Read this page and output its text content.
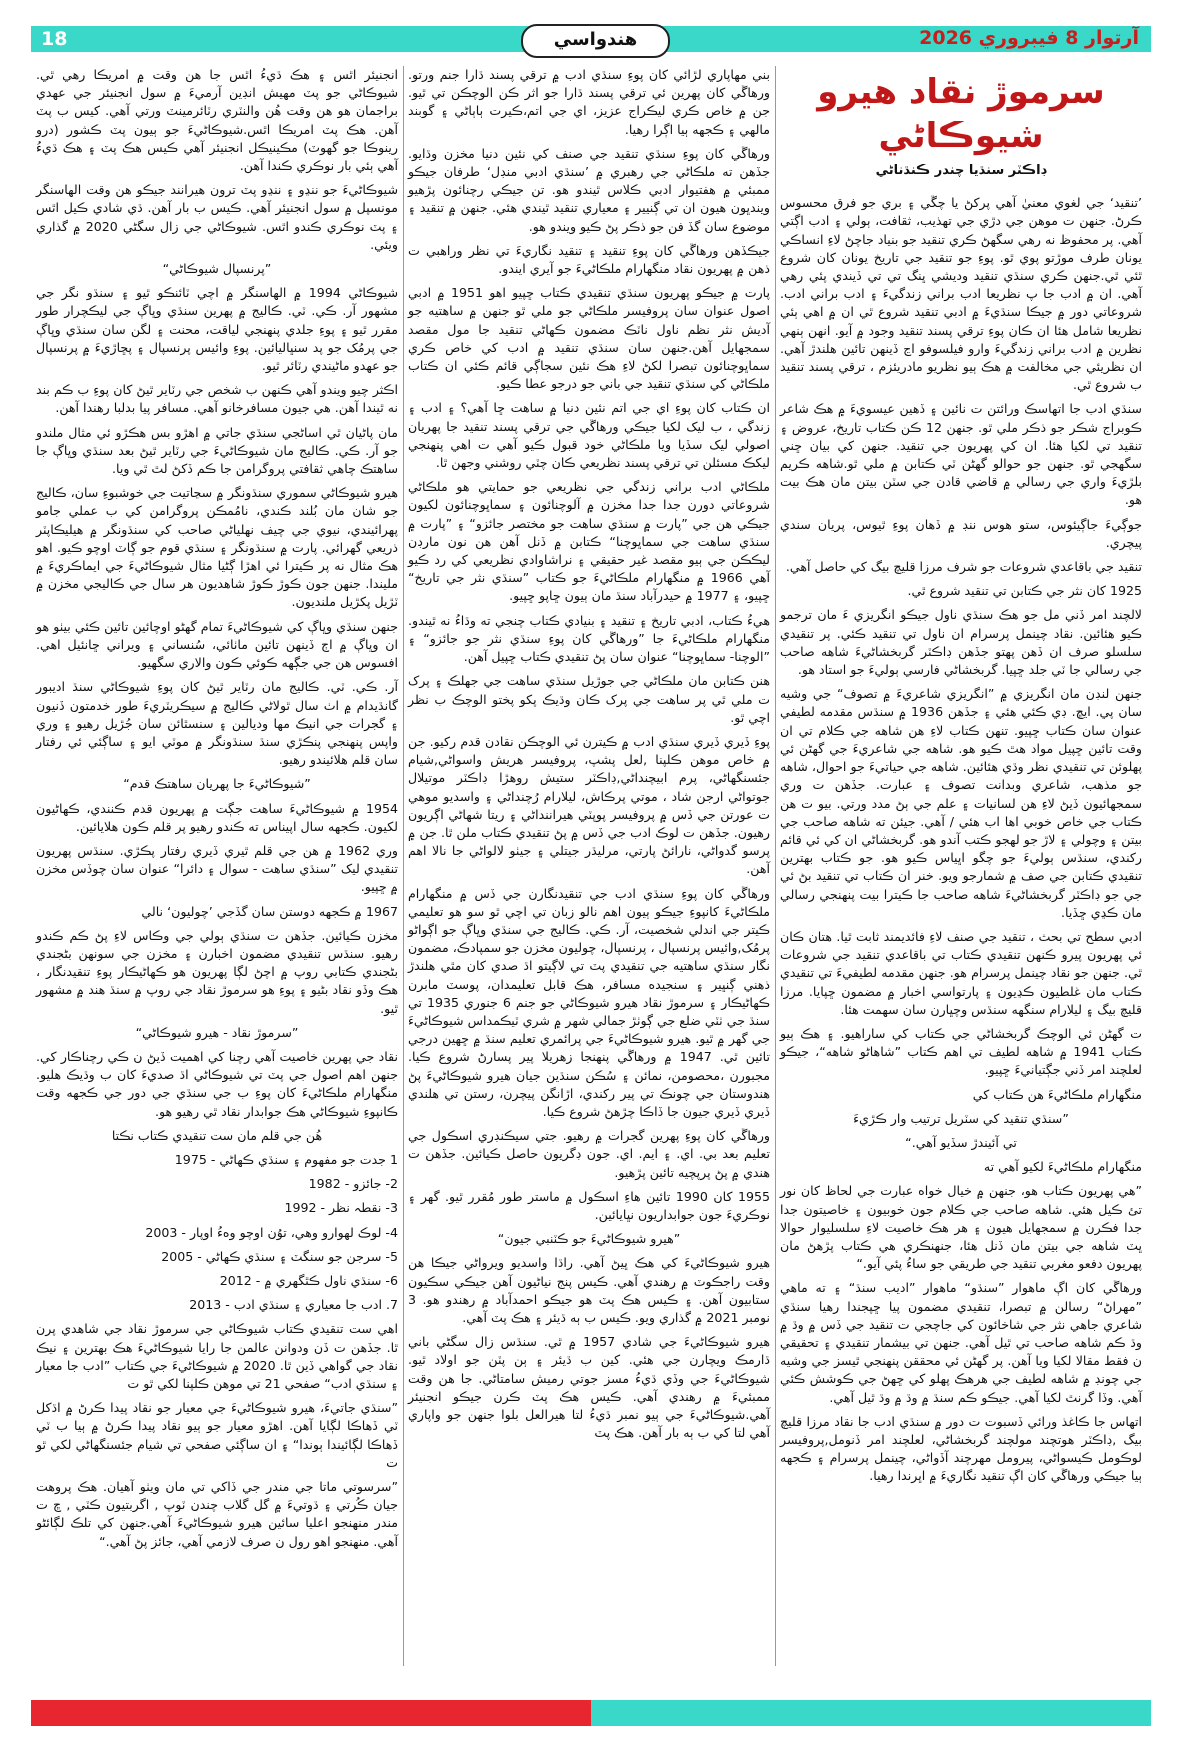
18	هندواسي	آرتوار 8 فيبروري 2026
سرموڙ نقاد هيرو شيوڪاڻي
ڊاڪٽر سنڌيا چندر ڪنڌناڻي

’تنقيد‘ جي لغوي معنيٰ آهي پرکڻ يا چڱي ۽ بري جو فرق محسوس ڪرڻ. جنهن ت موهن جي دڙي جي تهذيب، ثقافت، ٻولي ۽ ادب اڳتي آهي. پر محفوظ نه رهي سگهڻ ڪري تنقيد جو بنياد جاچڻ لاءِ انساڪي يونان طرف موڙتو پوي ٿو. پوءِ جو تنقيد جي تاريخ يونان کان شروع ٿئي ٿي.جنهن ڪري سنڌي تنقيد وديشي ڀنگ تي تي ڏيندي پئي رهي آهي. ان ۾ ادب جا پ نظريعا ادب براني زندگيءَ ۽ ادب براني ادب. شروعاتي دور ۾ جيڪا سنڌيءَ ۾ ادبي تنقيد شروع ٿي ان ۾ اهي ٻئي نظريعا شامل هئا ان ڪان پوءِ ترقي پسند تنقيد وجود ۾ آيو. انهن ٻنهي نظرين ۾ ادب براني زندگيءَ وارو فيلسوفو اڃ ڏينهن تائين هلندڙ آهي. ان نظريئي جي مخالفت ۾ هڪ ٻيو نظريو مادريئزم ، ترقي پسند تنقيد ب شروع ٿي.

سنڌي ادب جا اتهاسڪ ورائتن ت نائين ۽ ڏهين عيسويءَ ۾ هڪ شاعر ڪوبراج شڪر جو ذڪر ملي ٿو. جنهن 12 ڪن ڪتاب تاريخ، عروض ۽ تنقيد تي لکيا هئا. ان کي پهريون جي تنقيد. جنهن کي بيان ڇني سگهجي ٿو. جنهن جو حوالو گهڻن ٽي ڪتابن ۾ ملي ٿو.شاهه ڪريم بلڙيءَ واري جي رسالي ۾ قاضي قادن جي سٽن بيتن مان هڪ بيت هو.

جوڳيءَ جاڳيئوس، ستو هوس ننڊ ۾ ڏهان پوءِ ٿيوس، پريان سندي پيچري.

تنقيد جي باقاعدي شروعات جو شرف مرزا قليچ بيگ کي حاصل آهي.

1925 کان نثر جي ڪتابن تي تنقيد شروع ٿي.

لالچند امر ڏني مل جو هڪ سنڌي ناول جيڪو انگريزي ءَ مان ترجمو ڪيو هئائين. نقاد چينمل پرسرام ان ناول تي تنقيد ڪئي. پر تنقيدي سلسلو صرف ان ڏهن پهتو جڏهن ڊاڪٽر گربخشاڻيءَ شاهه صاحب جي رسالي جا ٽي جلد ڇپيا. گربخشاڻي فارسي ٻوليءَ جو استاد هو.

جنهن لنڊن مان انگريزي ۾ ”انگريزي شاعريءَ ۾ تصوف“ جي وشيه سان پي. ايڇ. ڊي ڪئي هئي ۽ جڏهن 1936 ۾ سنڌس مقدمه لطيفي عنوان سان ڪتاب ڇپيو. تنهن ڪتاب لاءِ هن شاهه جي ڪلام تي ان وقت تائين ڇپيل مواد هٿ ڪيو هو. شاهه جي شاعريءَ جي گهڻن ئي پهلوئن تي تنقيدي نظر وڌي هئائين. شاهه جي حياتيءَ جو احوال، شاهه جو مذهب، شاعري وبدانت تصوف ۽ عبارت. جڏهن ت وري سمجهائيون ڏيڻ لاءِ هن لسانيات ۽ علم جي ٻڻ مدد ورتي. بيو ت هن ڪتاب جي خاص خوبي اها اب هئي / آهي. جيئن ته شاهه صاحب جي بيتن ۽ وچولي ۽ لاڙ جو لهجو ڪتب آندو هو. گربخشاڻي ان کي ئي قائم رکندي، سنڌس ٻوليءَ جو چگو اڀياس ڪيو هو. جو ڪتاب بهترين تنقيدي ڪتابن جي صف ۾ شمارجو ويو. خنر ان ڪتاب تي تنقيد بڻ ئي جي جو ڊاڪٽر گربخشاڻيءَ شاهه صاحب جا ڪيترا بيت پنهنجي رسالي مان ڪڍي ڇڏيا.

ادبي سطح تي بحث ، تنقيد جي صنف لاءِ فائديمند ثابت ٿيا. هتان ڪان ئي پهريون پيرو ڪنهن تنقيدي ڪتاب تي باقاعدي تنقيد جي شروعات ٿي. جنهن جو نقاد چينمل پرسرام هو. جنهن مقدمه لطيفيءَ تي تنقيدي ڪتاب مان غلطيون ڪڍيون ۽ پارتواسي اخبار ۾ مضمون ڇپايا. مرزا قليچ بيگ ۽ ليلارام سنگهه سنڌس وچڀارن سان سهمت هئا.

ت گهڻن ئي الوچڪ گربخشاڻي جي ڪتاب کي ساراهيو. ۽ هڪ ٻيو ڪتاب 1941 ۾ شاهه لطيف تي اهم ڪتاب ”شاهاڻو شاهه“، جيڪو لعلچند امر ڏني جڳتيانيءَ ڇپيو.

منگهارام ملڪاڻيءَ هن ڪتاب کي

”سنڌي تنقيد کي سٽريل ترتيب وار ڪڙيءَ

تي آئيندڙ سڏيو آهي.“

منگهارام ملڪاڻيءَ لکيو آهي ته

”هي پهريون ڪتاب هو، جنهن ۾ خيال خواه عبارت جي لحاظ کان نور تئ ڪيل هئي. شاهه صاحب جي ڪلام جون خوبيون ۽ خاصيتون جدا جدا فڪرن ۾ سمجهايل هيون ۽ هر هڪ خاصيت لاءِ سلسليوار حوالا ڀٽ شاهه جي بيتن مان ڏنل هئا، جنهنڪري هي ڪتاب پڙهڻ مان پهريون دفعو مغربي تنقيد جي طريقي جو ساءُ پئي آيو.“

ورهاڱي کان اڳ ماهوار ”سنڌو“ ماهوار ”اديب سنڌ“ ۽ ته ماهي ”مهراڻ“ رسالن ۾ تبصرا، تنقيدي مضمون پيا ڇپجندا رهيا سنڌي شاعري جاهي نثر جي شاخائون کي جاچجي ت تنقيد جي ڏس ۾ وڌ ۾ وڌ ڪم شاهه صاحب تي ٿيل آهي. جنهن تي بيشمار تنقيدي ۽ تحقيقي ن فقط مقالا لکيا ويا آهن. پر گهڻن ئي محققن پنهنجي ٿيسز جي وشيه جي چونڊ ۾ شاهه لطيف جي هرهڪ پهلو کي ڇهڻ جي ڪوشش ڪئي آهي. وڏا گرنٿ لکيا آهي. جيڪو ڪم سنڌ ۾ وڌ ۾ وڌ ٿيل آهي.

اتهاس جا ڪاغذ ورائي ڏسبوت ت دور ۾ سنڌي ادب جا نقاد مرزا قليچ بيگ ,ڊاڪٽر هوتچند مولچند گربخشاڻي، لعلچند امر ڏنومل,پروفيسر لوڪومل ڪيسواڻي، پيرومل مهرچند آڏواڻي، چينمل پرسرام ۽ ڪجهه ٻيا جيڪي ورهاڱي کان اڳ تنقيد نگاريءَ ۾ اڀرندا رهيا.

بني مهاپاري لڙائي کان پوءِ سنڌي ادب ۾ ترقي پسند ڌارا جنم ورتو. ورهاڱي کان پهرين ئي ترقي پسند ڌارا جو اثر ڪن الوچڪن تي ٿيو. جن ۾ خاص ڪري ليڪراج عزيز، اي جي اتم،ڪيرت ٻاٻاڻي ۽ گوبند مالهي ۽ ڪجهه ٻيا اڳرا رهيا.

ورهاڱي کان پوءِ سنڌي تنقيد جي صنف کي نئين دنيا مخزن وڌايو. جڏهن ته ملڪاڻي جي رهبري ۾ ’سنڌي ادبي منڊل‘ طرفان جيڪو ممبئي ۾ هفتيوار ادبي ڪلاس ٿيندو هو. تن جيڪي رچنائون پڙهيو ويندڀون هيون ان تي ڳنيير ۽ معياري تنقيد ٿيندي هئي. جنهن ۾ تنقيد ۽ موضوع سان گڏ فن جو ذڪر پڻ ڪيو ويندو هو.

جيڪڏهن ورهاڱي کان پوءِ تنقيد ۽ تنقيد نگاريءَ تي نظر وراهبي ت ذهن ۾ پهريون نقاد منگهارام ملڪاڻيءَ جو آيري ايندو.

پارت ۾ جيڪو پهريون سنڌي تنقيدي ڪتاب ڇپيو اهو 1951 ۾ ادبي اصول عنوان سان پروفيسر ملڪاڻي جو ملي ٿو جنهن ۾ ساهتيه جو آديش نثر نظم ناول ناٽڪ مضمون ڪهاڻي تنقيد جا مول مقصد سمجهايل آهن.جنهن سان سنڌي تنقيد ۾ ادب کي خاص ڪري سماڀوچنائون تبصرا لکڻ لاءِ هڪ نئين سجاڳي قائم ڪئي ان ڪتاب ملڪاڻي کي سنڌي تنقيد جي باني جو درجو عطا ڪيو.

ان ڪتاب کان پوءِ اي جي اتم نئين دنيا ۾ ساهت ڇا آهي؟ ۽ ادب ۽ زندگي ، ب ليک لکيا جيڪي ورهاڱي جي ترقي پسند تنقيد جا پهريان اصولي ليک سڏيا ويا ملڪاڻي خود قبول ڪيو آهي ت اهي پنهنجي ليکڪ مسئلن تي ترقي پسند نظريعي ڪان چٽي روشني وجهن ٿا.

ملڪاڻي ادب براني زندگي جي نظريعي جو حمايتي هو ملڪاڻي شروعاتي دورن جدا جدا مخزن ۾ آلوچنائون ۽ سماڀوچنائون لکيون جيڪي هن جي ”پارت ۾ سنڌي ساهت جو مختصر جائزو“ ۽ ”پارت ۾ سنڌي ساهت جي سماڀوچنا“ ڪتابن ۾ ڏنل آهن هن نون مارڊن ليڪڪن جي ٻيو مقصد غير حقيقي ۽ نراشاوادي نظريعي کي رد ڪيو آهي 1966 ۾ منگهارام ملڪاڻيءَ جو ڪتاب ”سنڌي نثر جي تاريخ“ ڇپيو، ۽ 1977 ۾ حيدرآباد سنڌ مان ٻيون ڇاپو ڇپيو.

هيءُ ڪتاب، ادبي تاريخ ۽ تنقيد ۽ بنيادي ڪتاب چنجي ته وڌاءُ نه ٿيندو. منگهارام ملڪاڻيءَ جا ”ورهاڱي کان پوءِ سنڌي نثر جو جائزو“ ۽ ”الوچنا- سماڀوچنا“ عنوان سان پڻ تنقيدي ڪتاب ڇپيل آهن.

هنن ڪتابن مان ملڪاڻي جي جوڙيل سنڌي ساهت جي جهلڪ ۽ پرک ت ملي ٿي پر ساهت جي پرک ڪان وڌيڪ پکو پختو الوچڪ ب نظر اچي ٿو.

پوءِ ڏيري ڏيري سنڌي ادب ۾ ڪيترن ئي الوچڪن نقادن قدم رکيو. جن ۾ خاص موهن ڪلپنا ,لعل پشپ، پروفيسر هريش واسواڻي,شيام جئسنگهاڻي، پرم ابيچنداڻي,ڊاڪٽر ستيش روهڙا ڊاڪٽر موتيلال جوتواڻي ارجن شاد ، موتي پرڪاش، ليلارام رُچنداڻي ۽ واسديو موهي ت عورتن جي ڏس ۾ پروفيسر پوپٽي هيراننداڻي ۽ ريتا شهاڻي اڳريون رهيون. جڏهن ت لوڪ ادب جي ڏس ۾ پڻ تنقيدي ڪتاب ملن ٿا. جن ۾ پرسو گدواڻي، نارائڻ پارتي، مرليڌر جيتلي ۽ جيٺو لالواڻي جا نالا اهم آهن.

ورهاڱي کان پوءِ سنڌي ادب جي تنقيدنگارن جي ڏس ۾ منگهارام ملڪاڻيءَ کانپوءِ جيڪو ٻيون اهم نالو زبان تي اچي ٿو سو هو تعليمي ڪيتر جي اندلي شخصيت، آر. ڪي. ڪاليج جي سنڌي وڀاڳ جو اڳواڻو پرمُک,وائيس پرنسپال ، پرنسپال، چوليون مخزن جو سمپادڪ، مضمون نگار سنڌي ساهتيه جي تنقيدي پٽ تي لاڳيتو اڌ صدي کان مٿي هلندڙ ذهني ڳنڀير ۽ سنجيده مسافر، هڪ قابل تعليمدان، پوسٽ مابرن ڪهاڻيڪار ۽ سرموڙ نقاد هيرو شيوڪاڻي جو جنم 6 جنوري 1935 تي سنڌ جي ٺٽي ضلع جي ڳوٺڙ جمالي شهر ۾ شري ٽيڪمداس شيوڪاڻيءَ جي گهر ۾ ٿيو. هيرو شيوڪاڻيءَ جي پرائمري تعليم سنڌ ۾ ڇهين درجي تائين ٿي. 1947 ۾ ورهاڱي پنهنجا زهريلا پير پسارڻ شروع ڪيا. مجبورن ،محصومن، نمائن ۽ سُڪن سنڌين جيان هيرو شيوڪاڻيءَ پڻ هندوستان جي چونڪ تي پير رکندي، اڙانگن پيچرن، رستن تي هلندي ڏيري ڏيري جيون جا ڏاڪا چڙهڻ شروع ڪيا.

ورهاڱي کان پوءِ پهرين گجرات ۾ رهيو. جتي سيڪنڊري اسڪول جي تعليم بعد بي. اي. ۽ ايم. اي. جون ڊگريون حاصل ڪيائين. جڏهن ت هندي ۾ پڻ پرپچيه تائين پڙهيو.

1955 کان 1990 تائين هاءِ اسڪول ۾ ماستر طور مُقرر ٿيو. گهر ۽ نوڪريءَ جون جوابداريون نڀايائين.

”هيرو شيوڪاڻيءَ جو ڪٽنبي جيون“

هيرو شيوڪاڻيءَ کي هڪ ڀيڻ آهي. راڌا واسديو ويرواڻي جيڪا هن وقت راجڪوٽ ۾ رهندي آهي. ڪيس پنج نياڻيون آهن جيڪي سڪيون ستابيون آهن. ۽ ڪيس هڪ پٽ هو جيڪو احمدآباد ۾ رهندو هو. 3 نومبر 2021 ۾ گذاري ويو. ڪيس ب ٻه ڌيئر ۽ هڪ پٽ آهي.

هيرو شيوڪاڻيءَ جي شادي 1957 ۾ ٿي. سنڌس زال سگڻي باني ڌارمڪ ويچارن جي هئي. کين ب ڌيئر ۽ ٻن پٽن جو اولاد ٿيو. شيوڪاڻيءَ جي وڏي ڌيءُ مسز جوتي رميش سامتاڻي. جا هن وقت ممبئيءَ ۾ رهندي آهي. ڪيس هڪ پٽ ڪرن جيڪو انجنيئر آهي.شيوڪاڻيءَ جي ٻيو نمبر ڌيءُ لتا هيرالعل بلوا جنهن جو واپاري آهي لتا کي ب ٻه بار آهن. هڪ پٽ

انجنيئر اٿس ۽ هڪ ڌيءُ اٿس جا هن وقت ۾ امريڪا رهي ٿي. شيوڪاڻي جو پٽ مهيش انڊين آرميءَ ۾ سول انجنيئر جي عهدي براجمان هو هن وقت هُن والنٽري رٽائرمينٽ ورتي آهي. کيس ب پٽ آهن. هڪ پٽ امريڪا اٿس.شيوڪاڻيءَ جو ٻيون پٽ ڪشور (درو رينوڪا جو گهوٽ) مڪينيڪل انجنيئر آهي ڪيس هڪ پٽ ۽ هڪ ڌيءُ آهي ٻئي بار نوڪري ڪندا آهن.

شيوڪاڻيءَ جو ننڍو ۽ ننڍو پٽ ترون هيرانند جيڪو هن وقت الهاسنگر مونسپل ۾ سول انجنيئر آهي. ڪيس ب بار آهن. ڌي شادي ڪيل اٿس ۽ پٽ نوڪري ڪندو اٿس. شيوڪاڻي جي زال سگڻي 2020 ۾ گذاري ويئي.

”پرنسپال شيوڪاڻي“

شيوڪاڻي 1994 ۾ الهاسنگر ۾ اچي ٽائنڪو ٿيو ۽ سنڌو نگر جي مشهور آر. ڪي. ٽي. ڪاليج ۾ پهرين سنڌي وڀاڳ جي ليڪچرار طور مقرر ٿيو ۽ پوءِ جلدي پنهنجي لياقت، محنت ۽ لگن سان سنڌي وڀاڳ جي پرمُک جو پد سنڀاليائين. پوءِ وائيس پرنسپال ۽ پڇاڙيءَ ۾ پرنسپال جو عهدو ماڻيندي رٽائر ٿيو.

اڪثر چيو ويندو آهي ڪنهن ب شخص جي رٽاير ٿيڻ کان پوءِ ب ڪم بند نه ٿيندا آهن. هي جيون مسافرخانو آهي. مسافر پيا بدلبا رهندا آهن.

مان پاڻيان ٿي اساڻجي سنڌي جاتي ۾ اهڙو بس هڪڙو ئي مثال ملندو جو آر. ڪي. ڪاليج مان شيوڪاڻيءَ جي رٽاير ٿيڻ بعد سنڌي وڀاڳ جا ساهتڪ چاهي ثقافتي پروگرامن جا ڪم ڏکڻ لٿ ٿي ويا.

هيرو شيوڪاڻي سموري سنڌونگر ۾ سڃاتيت جي خوشبوءِ سان، ڪاليج جو شان مان بُلند ڪندي، نامُمڪن پروگرامن کي ب عملي جامو پهرائيندي، نيوي جي چيف نهلياڻي صاحب کي سنڌونگر ۾ هيليڪاپٽر ذريعي گهرائي. پارت ۾ سنڌونگر ۽ سنڌي قوم جو ڳاٽ اوچو ڪيو. اهو هڪ مثال نه پر ڪيترا ئي اهڙا ڳڻيا مثال شيوڪاڻيءَ جي ايماڪريءَ ۾ مليندا. جنهن جون ڪوڙ ڪوڙ شاهديون هر سال جي ڪاليجي مخزن ۾ ٽڙيل پکڙيل ملنديون.

جنهن سنڌي وڀاڳ کي شيوڪاڻيءَ تمام گهڻو اوچائين تائين ڪئي بيٺو هو ان وڀاڳ ۾ اڄ ڏينهن تائين ماٺائي، سُنساني ۽ ويراني ڇانئيل اهي. افسوس هن جي جڳهه ڪوئي ڪون والاري سگهيو.

آر. ڪي. ٽي. ڪاليج مان رٽاير ٿيڻ کان پوءِ شيوڪاڻي سنڌ اديبور گانڌيدام ۾ اٺ سال ٿولاڻي ڪاليج ۾ سيڪريٽريءَ طور خدمتون ڏنيون ۽ گجرات جي انيڪ مها وديالين ۽ سنسٿائن سان جُڙيل رهيو ۽ وري واپس پنهنجي پنڪڙي سنڌ سنڌونگر ۾ موٽي ايو ۽ ساڳئي ئي رفتار سان قلم هلائيندو رهيو.

”شيوڪاڻيءَ جا پهريان ساهتڪ قدم“

1954 ۾ شيوڪاڻيءَ ساهت جڳت ۾ پهريون قدم ڪنندي، ڪهاڻيون لکيون. ڪجهه سال اپيناس ته ڪندو رهيو پر قلم ڪون هلايائين.

وري 1962 ۾ هن جي قلم ٿيري ڏيري رفتار پڪڙي. سنڌس پهريون تنقيدي ليک ”سنڌي ساهت - سوال ۽ دائرا“ عنوان سان چوڏس مخزن ۾ ڇپيو.

1967 ۾ ڪجهه دوستن سان گڏجي ’چوليون‘ نالي

مخزن ڪيائين. جڏهن ت سنڌي ٻولي جي وڪاس لاءِ پڻ ڪم ڪندو رهيو. سنڌس تنقيدي مضمون اخبارن ۽ مخزن جي سونهن بڻجندي بڻجندي ڪتابي روپ ۾ اچڻ لڳا پهريون هو ڪهاڻيڪار پوءِ تنقيدنگار ، هڪ وڏو نقاد بڻيو ۽ پوءِ هو سرموڙ نقاد جي روپ ۾ سنڌ هند ۾ مشهور ٿيو.

”سرموڙ نقاد - هيرو شيوڪاڻي“

نقاد جي پهرين خاصيت آهي رچنا کي اهميت ڏيڻ ن ڪي رچناڪار کي. جنهن اهم اصول جي پٽ تي شيوڪاڻي اڌ صديءَ کان ب وڌيڪ هليو. منگهارام ملڪاڻيءَ کان پوءِ ب جي سنڌي جي دور جي ڪجهه وقت ڪانپوءِ شيوڪاڻي هڪ جوابدار نقاد ٿي رهيو هو.

هُن جي قلم مان ست تنقيدي ڪتاب نڪتا

1 جدت جو مفهوم ۽ سنڌي ڪهاڻي - 1975

2- جائزو - 1982

3- نقطہ نظر - 1992

4- لوڪ لهوارو وهي، توُن اوچو وهءُ اوپار - 2003

5- سرجن جو سنگٽ ۽ سنڌي ڪهاڻي - 2005

6- سنڌي ناول ڪٿگهري ۾ - 2012

7. ادب جا معياري ۽ سنڌي ادب - 2013

اهي ست تنقيدي ڪتاب شيوڪاڻي جي سرموڙ نقاد جي شاهدي پرن ٿا. جڏهن ت ڏن ودوانن عالمن جا رايا شيوڪاڻيءَ هڪ بهترين ۽ نيڪ نقاد جي گواهي ڏين ٿا. 2020 ۾ شيوڪاڻيءَ جي ڪتاب ”ادب جا معيار ۽ سنڌي ادب“ صفحي 21 تي موهن ڪلپنا لکي ٿو ت

”سنڌي جاتيءَ، هيرو شيوڪاڻيءَ جي معيار جو نقاد پيدا ڪرڻ ۾ اڌکل ٽي ڏهاڪا لڳايا آهن. اهڙو معيار جو ٻيو نقاد پيدا ڪرڻ ۾ ٻيا ب ٽي ڏهاڪا لڳائيندا ٻوندا“ ۽ ان ساڳئي صفحي تي شيام جئسنگهاڻي لکي ٿو ت

”سرسوتي ماتا جي مندر جي ڏاکي تي مان ويٺو آهيان. هڪ پروهت جيان ڪُرتي ۽ ڌوتيءَ ۾ گل گلاب چندن ٽوپ , اگربتيون ڪٽي , ڇ ت مندر منهنجو اعليا سائين هيرو شيوڪاڻيءَ آهي.جنهن کي تلڪ لڳائڻو آهي. منهنجو اهو رول ن صرف لازمي آهي، جائز پڻ آهي.“
